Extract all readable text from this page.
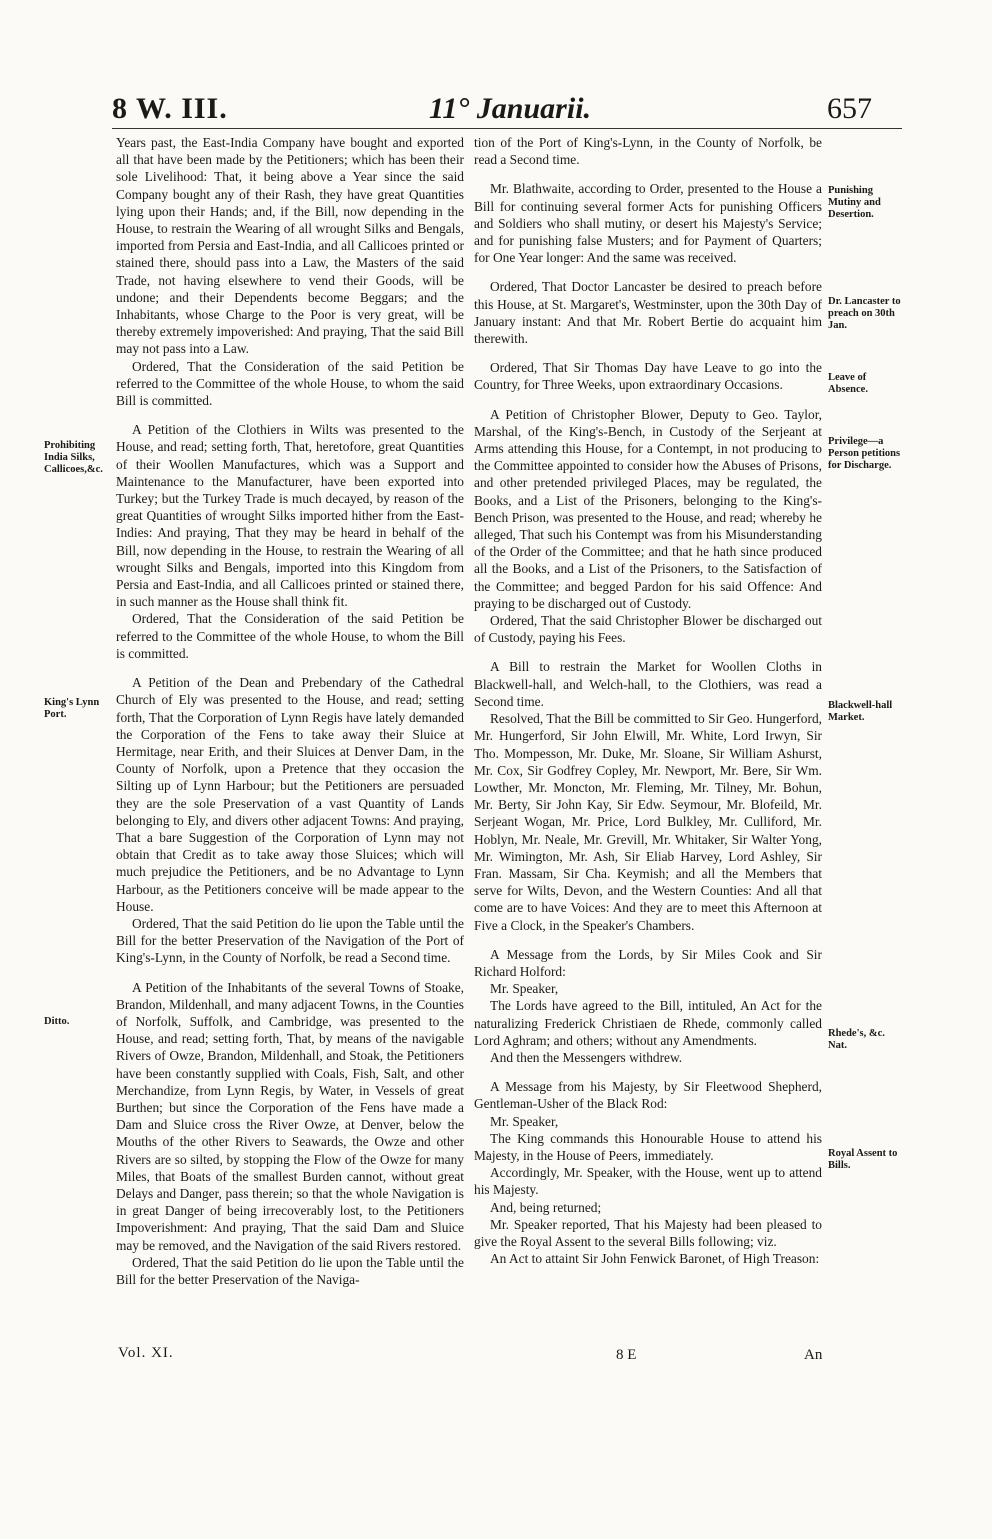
8 W. III.	11° Januarii.	657
Prohibiting India Silks, Callicoes,&c.
King's Lynn Port.
Ditto.
Punishing Mutiny and Desertion.
Dr. Lancaster to preach on 30th Jan.
Leave of Absence.
Privilege—a Person petitions for Discharge.
Blackwell-hall Market.
Rhede's, &c. Nat.
Royal Assent to Bills.

Years past, the East-India Company have bought and exported all that have been made by the Petitioners; which has been their sole Livelihood: That, it being above a Year since the said Company bought any of their Rash, they have great Quantities lying upon their Hands; and, if the Bill, now depending in the House, to restrain the Wearing of all wrought Silks and Bengals, imported from Persia and East-India, and all Callicoes printed or stained there, should pass into a Law, the Masters of the said Trade, not having elsewhere to vend their Goods, will be undone; and their Dependents become Beggars; and the Inhabitants, whose Charge to the Poor is very great, will be thereby extremely impoverished: And praying, That the said Bill may not pass into a Law.

Ordered, That the Consideration of the said Petition be referred to the Committee of the whole House, to whom the said Bill is committed.

A Petition of the Clothiers in Wilts was presented to the House, and read; setting forth, That, heretofore, great Quantities of their Woollen Manufactures, which was a Support and Maintenance to the Manufacturer, have been exported into Turkey; but the Turkey Trade is much decayed, by reason of the great Quantities of wrought Silks imported hither from the East-Indies: And praying, That they may be heard in behalf of the Bill, now depending in the House, to restrain the Wearing of all wrought Silks and Bengals, imported into this Kingdom from Persia and East-India, and all Callicoes printed or stained there, in such manner as the House shall think fit.

Ordered, That the Consideration of the said Petition be referred to the Committee of the whole House, to whom the Bill is committed.

A Petition of the Dean and Prebendary of the Cathedral Church of Ely was presented to the House, and read; setting forth, That the Corporation of Lynn Regis have lately demanded the Corporation of the Fens to take away their Sluice at Hermitage, near Erith, and their Sluices at Denver Dam, in the County of Norfolk, upon a Pretence that they occasion the Silting up of Lynn Harbour; but the Petitioners are persuaded they are the sole Preservation of a vast Quantity of Lands belonging to Ely, and divers other adjacent Towns: And praying, That a bare Suggestion of the Corporation of Lynn may not obtain that Credit as to take away those Sluices; which will much prejudice the Petitioners, and be no Advantage to Lynn Harbour, as the Petitioners conceive will be made appear to the House.

Ordered, That the said Petition do lie upon the Table until the Bill for the better Preservation of the Navigation of the Port of King's-Lynn, in the County of Norfolk, be read a Second time.

A Petition of the Inhabitants of the several Towns of Stoake, Brandon, Mildenhall, and many adjacent Towns, in the Counties of Norfolk, Suffolk, and Cambridge, was presented to the House, and read; setting forth, That, by means of the navigable Rivers of Owze, Brandon, Mildenhall, and Stoak, the Petitioners have been constantly supplied with Coals, Fish, Salt, and other Merchandize, from Lynn Regis, by Water, in Vessels of great Burthen; but since the Corporation of the Fens have made a Dam and Sluice cross the River Owze, at Denver, below the Mouths of the other Rivers to Seawards, the Owze and other Rivers are so silted, by stopping the Flow of the Owze for many Miles, that Boats of the smallest Burden cannot, without great Delays and Danger, pass therein; so that the whole Navigation is in great Danger of being irrecoverably lost, to the Petitioners Impoverishment: And praying, That the said Dam and Sluice may be removed, and the Navigation of the said Rivers restored.

Ordered, That the said Petition do lie upon the Table until the Bill for the better Preservation of the Naviga-

tion of the Port of King's-Lynn, in the County of Norfolk, be read a Second time.

Mr. Blathwaite, according to Order, presented to the House a Bill for continuing several former Acts for punishing Officers and Soldiers who shall mutiny, or desert his Majesty's Service; and for punishing false Musters; and for Payment of Quarters; for One Year longer: And the same was received.

Ordered, That Doctor Lancaster be desired to preach before this House, at St. Margaret's, Westminster, upon the 30th Day of January instant: And that Mr. Robert Bertie do acquaint him therewith.

Ordered, That Sir Thomas Day have Leave to go into the Country, for Three Weeks, upon extraordinary Occasions.

A Petition of Christopher Blower, Deputy to Geo. Taylor, Marshal, of the King's-Bench, in Custody of the Serjeant at Arms attending this House, for a Contempt, in not producing to the Committee appointed to consider how the Abuses of Prisons, and other pretended privileged Places, may be regulated, the Books, and a List of the Prisoners, belonging to the King's-Bench Prison, was presented to the House, and read; whereby he alleged, That such his Contempt was from his Misunderstanding of the Order of the Committee; and that he hath since produced all the Books, and a List of the Prisoners, to the Satisfaction of the Committee; and begged Pardon for his said Offence: And praying to be discharged out of Custody.

Ordered, That the said Christopher Blower be discharged out of Custody, paying his Fees.

A Bill to restrain the Market for Woollen Cloths in Blackwell-hall, and Welch-hall, to the Clothiers, was read a Second time.

Resolved, That the Bill be committed to Sir Geo. Hungerford, Mr. Hungerford, Sir John Elwill, Mr. White, Lord Irwyn, Sir Tho. Mompesson, Mr. Duke, Mr. Sloane, Sir William Ashurst, Mr. Cox, Sir Godfrey Copley, Mr. Newport, Mr. Bere, Sir Wm. Lowther, Mr. Moncton, Mr. Fleming, Mr. Tilney, Mr. Bohun, Mr. Berty, Sir John Kay, Sir Edw. Seymour, Mr. Blofeild, Mr. Serjeant Wogan, Mr. Price, Lord Bulkley, Mr. Culliford, Mr. Hoblyn, Mr. Neale, Mr. Grevill, Mr. Whitaker, Sir Walter Yong, Mr. Wimington, Mr. Ash, Sir Eliab Harvey, Lord Ashley, Sir Fran. Massam, Sir Cha. Keymish; and all the Members that serve for Wilts, Devon, and the Western Counties: And all that come are to have Voices: And they are to meet this Afternoon at Five a Clock, in the Speaker's Chambers.

A Message from the Lords, by Sir Miles Cook and Sir Richard Holford:

Mr. Speaker,

The Lords have agreed to the Bill, intituled, An Act for the naturalizing Frederick Christiaen de Rhede, commonly called Lord Aghram; and others; without any Amendments.

And then the Messengers withdrew.

A Message from his Majesty, by Sir Fleetwood Shepherd, Gentleman-Usher of the Black Rod:

Mr. Speaker,

The King commands this Honourable House to attend his Majesty, in the House of Peers, immediately.

Accordingly, Mr. Speaker, with the House, went up to attend his Majesty.

And, being returned;

Mr. Speaker reported, That his Majesty had been pleased to give the Royal Assent to the several Bills following; viz.

An Act to attaint Sir John Fenwick Baronet, of High Treason:

Vol. XI.	8 E	An
